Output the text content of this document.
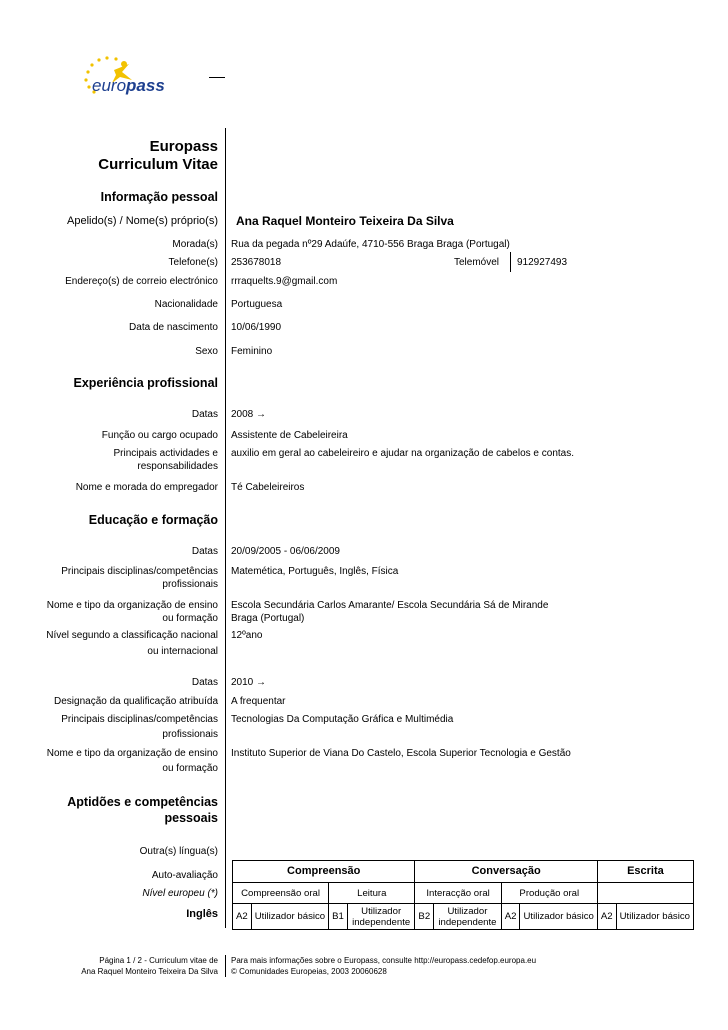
europass
Europass
Curriculum Vitae
Informação pessoal
Apelido(s) / Nome(s) próprio(s) Ana Raquel Monteiro Teixeira Da Silva
Morada(s) Rua da pegada nº29 Adaúfe, 4710-556 Braga Braga (Portugal)
Telefone(s) 253678018	Telemóvel 912927493
Endereço(s) de correio electrónico rrraquelts.9@gmail.com
Nacionalidade Portuguesa
Data de nascimento 10/06/1990
Sexo Feminino
Experiência profissional
Datas 2008 →
Função ou cargo ocupado Assistente de Cabeleireira
Principais actividades e
responsabilidades
auxilio em geral ao cabeleireiro e ajudar na organização de cabelos e contas.
Nome e morada do empregador Té Cabeleireiros
Educação e formação
Datas 20/09/2005 - 06/06/2009
Principais disciplinas/competências
profissionais
Matemética, Português, Inglês, Física
Nome e tipo da organização de ensino
ou formação
Escola Secundária Carlos Amarante/ Escola Secundária Sá de Mirande
Braga (Portugal)
Nível segundo a classificação nacional
ou internacional
12ºano
Datas 2010 →
Designação da qualificação atribuída A frequentar
Principais disciplinas/competências
profissionais
Tecnologias Da Computação Gráfica e Multimédia
Nome e tipo da organização de ensino
ou formação
Instituto Superior de Viana Do Castelo, Escola Superior Tecnologia e Gestão
Aptidões e competências
pessoais
Outra(s) língua(s)
Auto-avaliação
Nível europeu (*)
Inglês
Compreensão				Conversação				Escrita	
Compreensão oral		Leitura		Interacção oral		Produção oral			
A2	Utilizador básico	B1	Utilizador independente	B2	Utilizador independente	A2	Utilizador básico	A2	Utilizador básico
Página 1 / 2 - Curriculum vitae de
Ana Raquel Monteiro Teixeira Da Silva
Para mais informações sobre o Europass, consulte http://europass.cedefop.europa.eu
© Comunidades Europeias, 2003 20060628
